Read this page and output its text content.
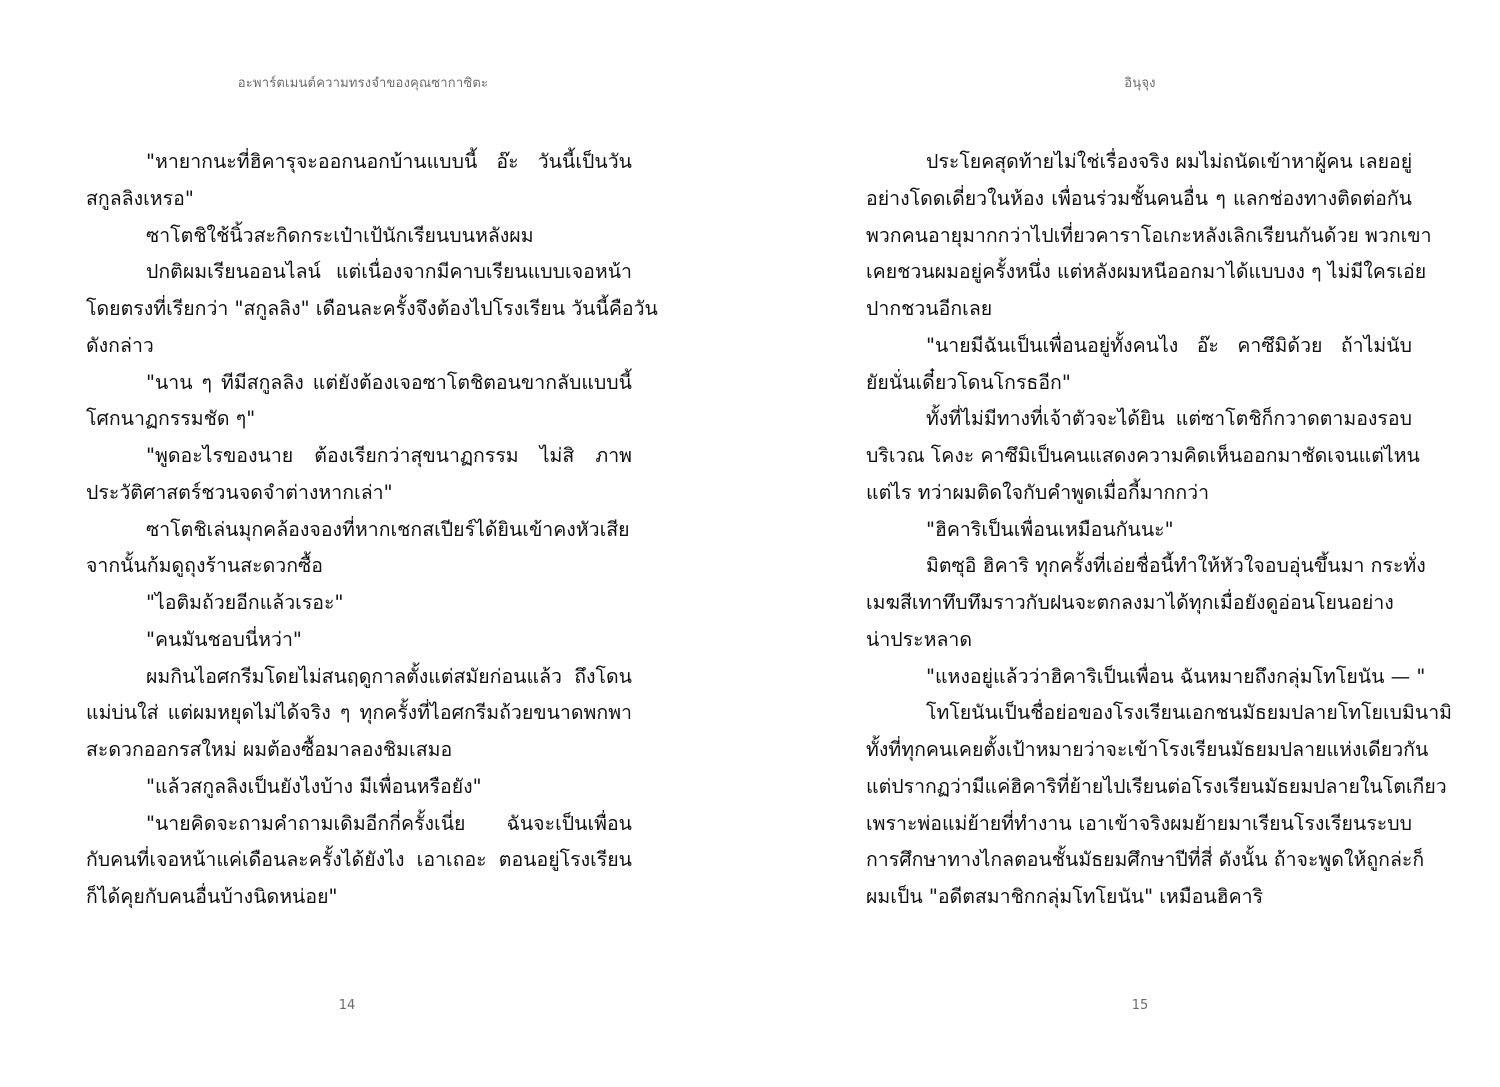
อะพาร์ตเมนต์ความทรงจำของคุณซากาซิตะ
"หายากนะที่ฮิคารุจะออกนอกบ้านแบบนี้ อ๊ะ วันนี้เป็นวัน
สกูลลิงเหรอ"
ซาโตชิใช้นิ้วสะกิดกระเป๋าเป้นักเรียนบนหลังผม
ปกติผมเรียนออนไลน์ แต่เนื่องจากมีคาบเรียนแบบเจอหน้า
โดยตรงที่เรียกว่า "สกูลลิง" เดือนละครั้งจึงต้องไปโรงเรียน วันนี้คือวัน
ดังกล่าว
"นาน ๆ ทีมีสกูลลิง แต่ยังต้องเจอซาโตชิตอนขากลับแบบนี้
โศกนาฏกรรมชัด ๆ"
"พูดอะไรของนาย ต้องเรียกว่าสุขนาฏกรรม ไม่สิ ภาพ
ประวัติศาสตร์ชวนจดจำต่างหากเล่า"
ซาโตชิเล่นมุกคล้องจองที่หากเชกสเปียร์ได้ยินเข้าคงหัวเสีย
จากนั้นก้มดูถุงร้านสะดวกซื้อ
"ไอติมถ้วยอีกแล้วเรอะ"
"คนมันชอบนี่หว่า"
ผมกินไอศกรีมโดยไม่สนฤดูกาลตั้งแต่สมัยก่อนแล้ว ถึงโดน
แม่บ่นใส่ แต่ผมหยุดไม่ได้จริง ๆ ทุกครั้งที่ไอศกรีมถ้วยขนาดพกพา
สะดวกออกรสใหม่ ผมต้องซื้อมาลองชิมเสมอ
"แล้วสกูลลิงเป็นยังไงบ้าง มีเพื่อนหรือยัง"
"นายคิดจะถามคำถามเดิมอีกกี่ครั้งเนี่ย ฉันจะเป็นเพื่อน
กับคนที่เจอหน้าแค่เดือนละครั้งได้ยังไง เอาเถอะ ตอนอยู่โรงเรียน
ก็ได้คุยกับคนอื่นบ้างนิดหน่อย"
14
อินุจุง
ประโยคสุดท้ายไม่ใช่เรื่องจริง ผมไม่ถนัดเข้าหาผู้คน เลยอยู่
อย่างโดดเดี่ยวในห้อง เพื่อนร่วมชั้นคนอื่น ๆ แลกช่องทางติดต่อกัน
พวกคนอายุมากกว่าไปเที่ยวคาราโอเกะหลังเลิกเรียนกันด้วย พวกเขา
เคยชวนผมอยู่ครั้งหนึ่ง แต่หลังผมหนีออกมาได้แบบงง ๆ ไม่มีใครเอ่ย
ปากชวนอีกเลย
"นายมีฉันเป็นเพื่อนอยู่ทั้งคนไง อ๊ะ คาซึมิด้วย ถ้าไม่นับ
ยัยนั่นเดี๋ยวโดนโกรธอีก"
ทั้งที่ไม่มีทางที่เจ้าตัวจะได้ยิน แต่ซาโตชิก็กวาดตามองรอบ
บริเวณ โคงะ คาซึมิเป็นคนแสดงความคิดเห็นออกมาชัดเจนแต่ไหน
แต่ไร ทว่าผมติดใจกับคำพูดเมื่อกี้มากกว่า
"ฮิคาริเป็นเพื่อนเหมือนกันนะ"
มิตซุอิ ฮิคาริ ทุกครั้งที่เอ่ยชื่อนี้ทำให้หัวใจอบอุ่นขึ้นมา กระทั่ง
เมฆสีเทาทึบทึมราวกับฝนจะตกลงมาได้ทุกเมื่อยังดูอ่อนโยนอย่าง
น่าประหลาด
"แหงอยู่แล้วว่าฮิคาริเป็นเพื่อน ฉันหมายถึงกลุ่มโทโยนัน — "
โทโยนันเป็นชื่อย่อของโรงเรียนเอกชนมัธยมปลายโทโยเบมินามิ
ทั้งที่ทุกคนเคยตั้งเป้าหมายว่าจะเข้าโรงเรียนมัธยมปลายแห่งเดียวกัน
แต่ปรากฏว่ามีแค่ฮิคาริที่ย้ายไปเรียนต่อโรงเรียนมัธยมปลายในโตเกียว
เพราะพ่อแม่ย้ายที่ทำงาน เอาเข้าจริงผมย้ายมาเรียนโรงเรียนระบบ
การศึกษาทางไกลตอนชั้นมัธยมศึกษาปีที่สี่ ดังนั้น ถ้าจะพูดให้ถูกล่ะก็
ผมเป็น "อดีตสมาชิกกลุ่มโทโยนัน" เหมือนฮิคาริ
15
